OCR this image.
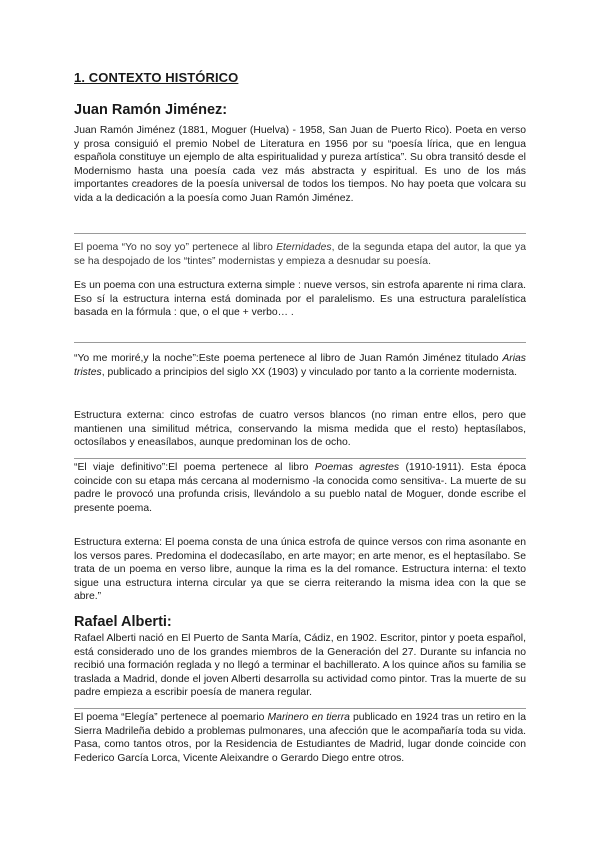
1. CONTEXTO HISTÓRICO
Juan Ramón Jiménez:

Juan Ramón Jiménez (1881, Moguer (Huelva) - 1958, San Juan de Puerto Rico). Poeta en verso y prosa consiguió el premio Nobel de Literatura en 1956 por su “poesía lírica, que en lengua española constituye un ejemplo de alta espiritualidad y pureza artística”. Su obra transitó desde el Modernismo hasta una poesía cada vez más abstracta y espiritual. Es uno de los más importantes creadores de la poesía universal de todos los tiempos. No hay poeta que volcara su vida a la dedicación a la poesía como Juan Ramón Jiménez.

El poema “Yo no soy yo” pertenece al libro Eternidades, de la segunda etapa del autor, la que ya se ha despojado de los “tintes” modernistas y empieza a desnudar su poesía.

Es un poema con una estructura externa simple : nueve versos, sin estrofa aparente ni rima clara. Eso sí la estructura interna está dominada por el paralelismo. Es una estructura paralelística basada en la fórmula : que, o el que + verbo… .

“Yo me moriré,y la noche”:Este poema pertenece al libro de Juan Ramón Jiménez titulado Arias tristes, publicado a principios del siglo XX (1903) y vinculado por tanto a la corriente modernista.

Estructura externa: cinco estrofas de cuatro versos blancos (no riman entre ellos, pero que mantienen una similitud métrica, conservando la misma medida que el resto) heptasílabos, octosílabos y eneasílabos, aunque predominan los de ocho.

“El viaje definitivo”:El poema pertenece al libro Poemas agrestes (1910-1911). Esta época coincide con su etapa más cercana al modernismo -la conocida como sensitiva-. La muerte de su padre le provocó una profunda crisis, llevándolo a su pueblo natal de Moguer, donde escribe el presente poema.

Estructura externa: El poema consta de una única estrofa de quince versos con rima asonante en los versos pares. Predomina el dodecasílabo, en arte mayor; en arte menor, es el heptasílabo. Se trata de un poema en verso libre, aunque la rima es la del romance. Estructura interna: el texto sigue una estructura interna circular ya que se cierra reiterando la misma idea con la que se abre.”

Rafael Alberti:

Rafael Alberti nació en El Puerto de Santa María, Cádiz, en 1902. Escritor, pintor y poeta español, está considerado uno de los grandes miembros de la Generación del 27. Durante su infancia no recibió una formación reglada y no llegó a terminar el bachillerato. A los quince años su familia se traslada a Madrid, donde el joven Alberti desarrolla su actividad como pintor. Tras la muerte de su padre empieza a escribir poesía de manera regular.

El poema “Elegía” pertenece al poemario Marinero en tierra publicado en 1924 tras un retiro en la Sierra Madrileña debido a problemas pulmonares, una afección que le acompañaría toda su vida. Pasa, como tantos otros, por la Residencia de Estudiantes de Madrid, lugar donde coincide con Federico García Lorca, Vicente Aleixandre o Gerardo Diego entre otros.
